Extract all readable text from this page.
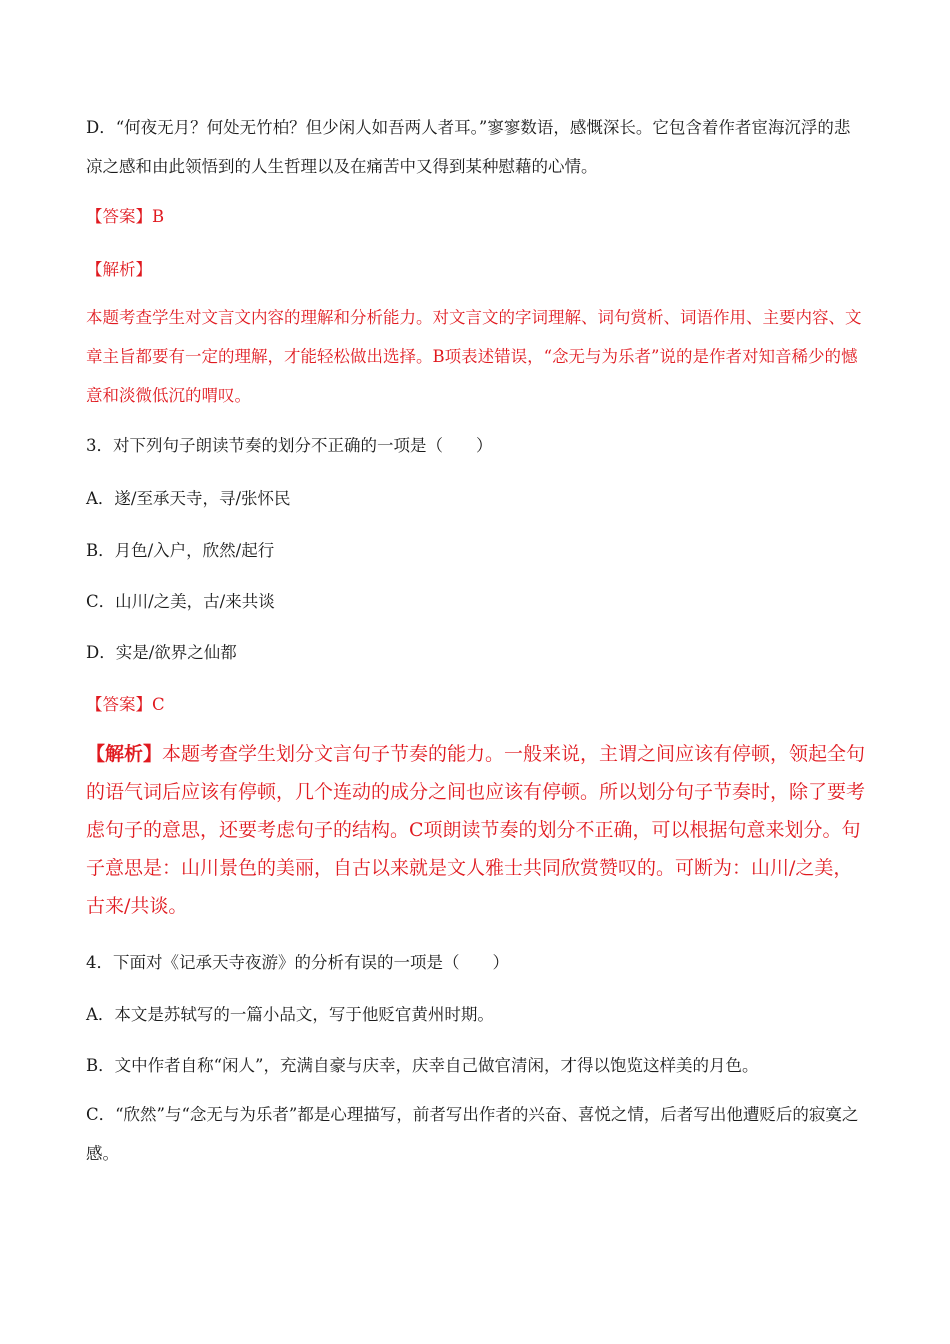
D．“何夜无月？何处无竹柏？但少闲人如吾两人者耳。”寥寥数语，感慨深长。它包含着作者宦海沉浮的悲凉之感和由此领悟到的人生哲理以及在痛苦中又得到某种慰藉的心情。

【答案】B

【解析】

本题考查学生对文言文内容的理解和分析能力。对文言文的字词理解、词句赏析、词语作用、主要内容、文章主旨都要有一定的理解，才能轻松做出选择。B项表述错误，“念无与为乐者”说的是作者对知音稀少的憾意和淡微低沉的喟叹。

3．对下列句子朗读节奏的划分不正确的一项是（　　）

A．遂/至承天寺，寻/张怀民

B．月色/入户，欣然/起行

C．山川/之美，古/来共谈

D．实是/欲界之仙都

【答案】C

【解析】本题考查学生划分文言句子节奏的能力。一般来说，主谓之间应该有停顿，领起全句的语气词后应该有停顿，几个连动的成分之间也应该有停顿。所以划分句子节奏时，除了要考虑句子的意思，还要考虑句子的结构。C项朗读节奏的划分不正确，可以根据句意来划分。句子意思是：山川景色的美丽，自古以来就是文人雅士共同欣赏赞叹的。可断为：山川/之美，古来/共谈。

4．下面对《记承天寺夜游》的分析有误的一项是（　　）

A．本文是苏轼写的一篇小品文，写于他贬官黄州时期。

B．文中作者自称“闲人”，充满自豪与庆幸，庆幸自己做官清闲，才得以饱览这样美的月色。

C．“欣然”与“念无与为乐者”都是心理描写，前者写出作者的兴奋、喜悦之情，后者写出他遭贬后的寂寞之感。
